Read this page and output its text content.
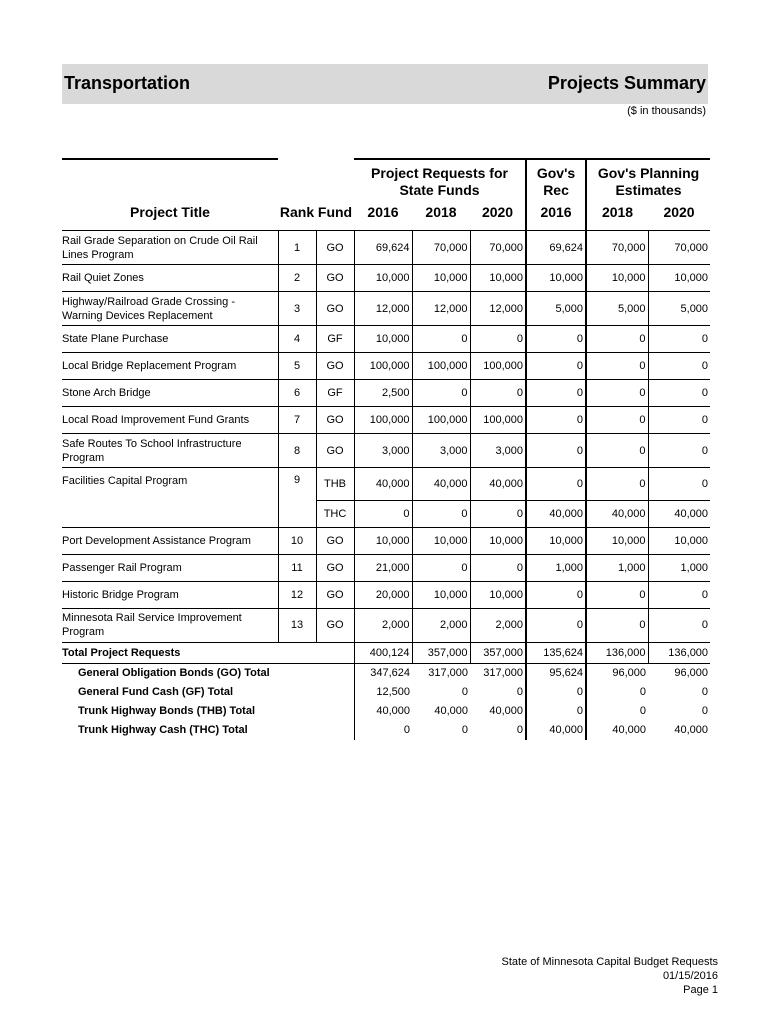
Transportation	Projects Summary
($ in thousands)
			Project Requests for State Funds			Gov's Rec	Gov's Planning Estimates	
Project Title	Rank	Fund	2016	2018	2020	2016	2018	2020
Rail Grade Separation on Crude Oil Rail Lines Program	1	GO	69,624	70,000	70,000	69,624	70,000	70,000
Rail Quiet Zones	2	GO	10,000	10,000	10,000	10,000	10,000	10,000
Highway/Railroad Grade Crossing - Warning Devices Replacement	3	GO	12,000	12,000	12,000	5,000	5,000	5,000
State Plane Purchase	4	GF	10,000	0	0	0	0	0
Local Bridge Replacement Program	5	GO	100,000	100,000	100,000	0	0	0
Stone Arch Bridge	6	GF	2,500	0	0	0	0	0
Local Road Improvement Fund Grants	7	GO	100,000	100,000	100,000	0	0	0
Safe Routes To School Infrastructure Program	8	GO	3,000	3,000	3,000	0	0	0
Facilities Capital Program	9	THB	40,000	40,000	40,000	0	0	0
		THC	0	0	0	40,000	40,000	40,000
Port Development Assistance Program	10	GO	10,000	10,000	10,000	10,000	10,000	10,000
Passenger Rail Program	11	GO	21,000	0	0	1,000	1,000	1,000
Historic Bridge Program	12	GO	20,000	10,000	10,000	0	0	0
Minnesota Rail Service Improvement Program	13	GO	2,000	2,000	2,000	0	0	0
Total Project Requests			400,124	357,000	357,000	135,624	136,000	136,000
General Obligation Bonds (GO) Total			347,624	317,000	317,000	95,624	96,000	96,000
General Fund Cash (GF) Total			12,500	0	0	0	0	0
Trunk Highway Bonds (THB) Total			40,000	40,000	40,000	0	0	0
Trunk Highway Cash (THC) Total			0	0	0	40,000	40,000	40,000
State of Minnesota Capital Budget Requests
01/15/2016
Page 1
